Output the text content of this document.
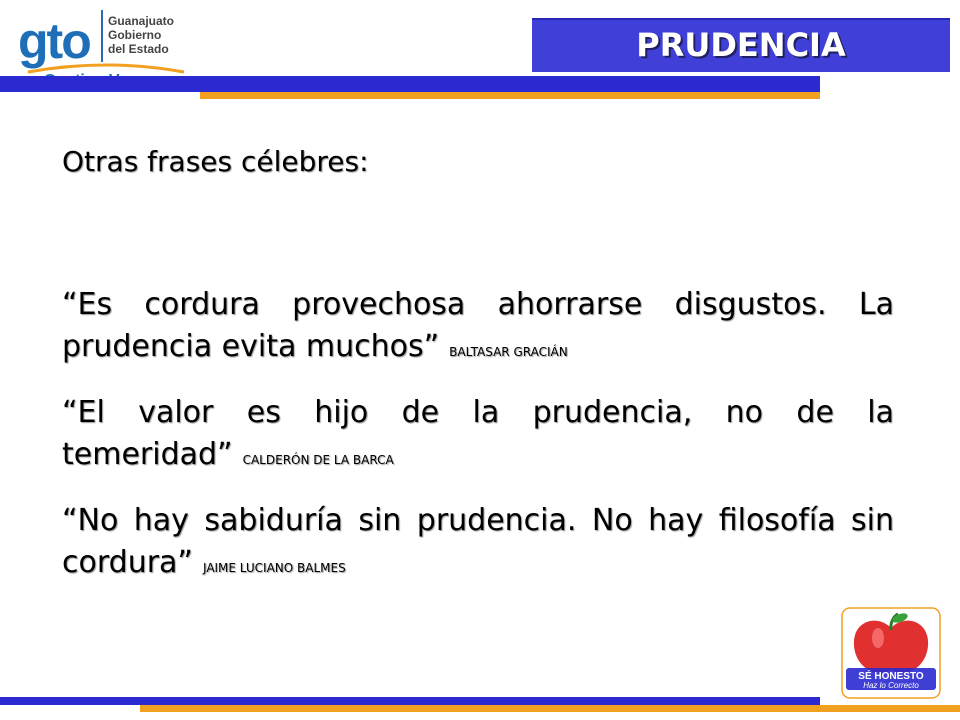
gto Guanajuato
Gobierno
del Estado	PRUDENCIA
Otras frases célebres:
“Es cordura provechosa ahorrarse disgustos. La prudencia evita muchos” BALTASAR GRACIÁN
“El valor es hijo de la prudencia, no de la temeridad” CALDERÓN DE LA BARCA
“No hay sabiduría sin prudencia. No hay filosofía sin cordura” JAIME LUCIANO BALMES
SÉ HONESTO
Haz lo Correcto
